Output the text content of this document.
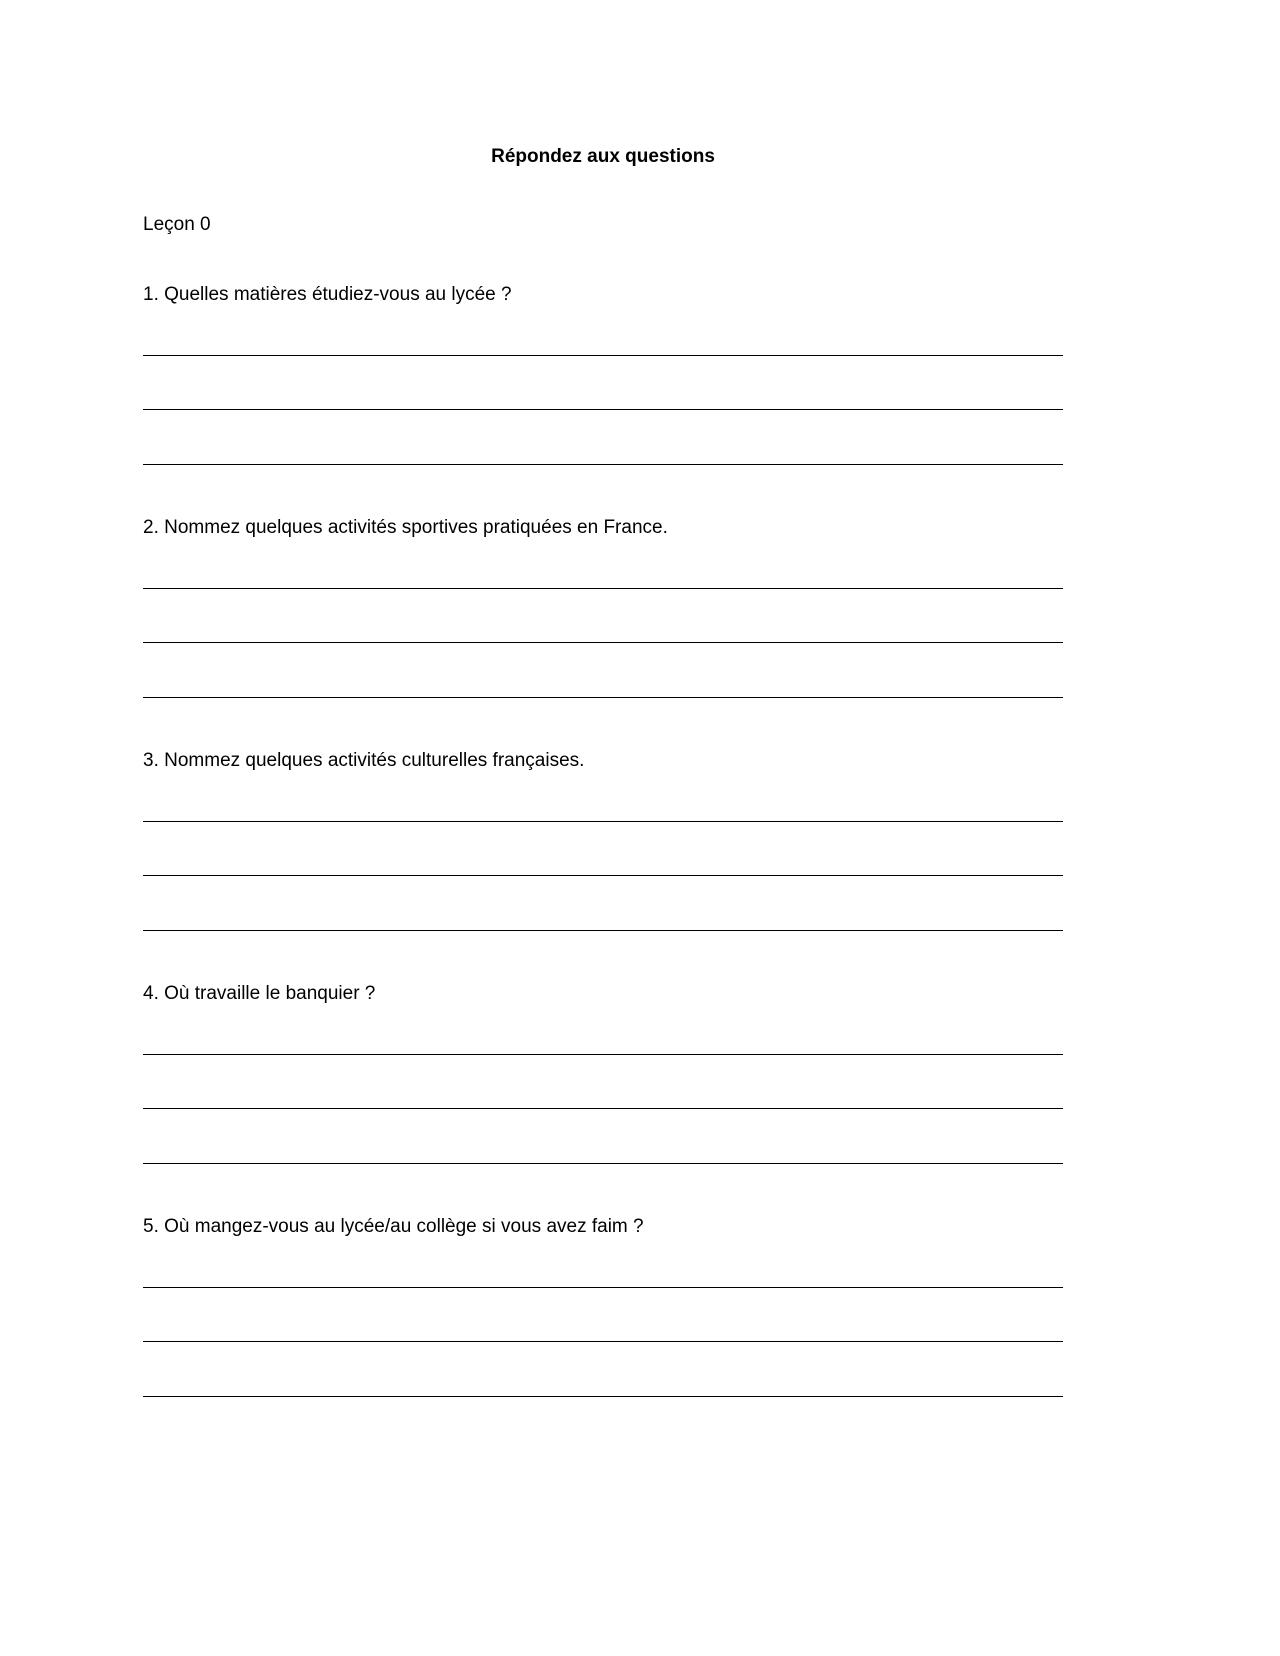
Répondez aux questions
Leçon 0
1. Quelles matières étudiez-vous au lycée ?
2. Nommez quelques activités sportives pratiquées en France.
3. Nommez quelques activités culturelles françaises.
4. Où travaille le banquier ?
5. Où mangez-vous au lycée/au collège si vous avez faim ?
